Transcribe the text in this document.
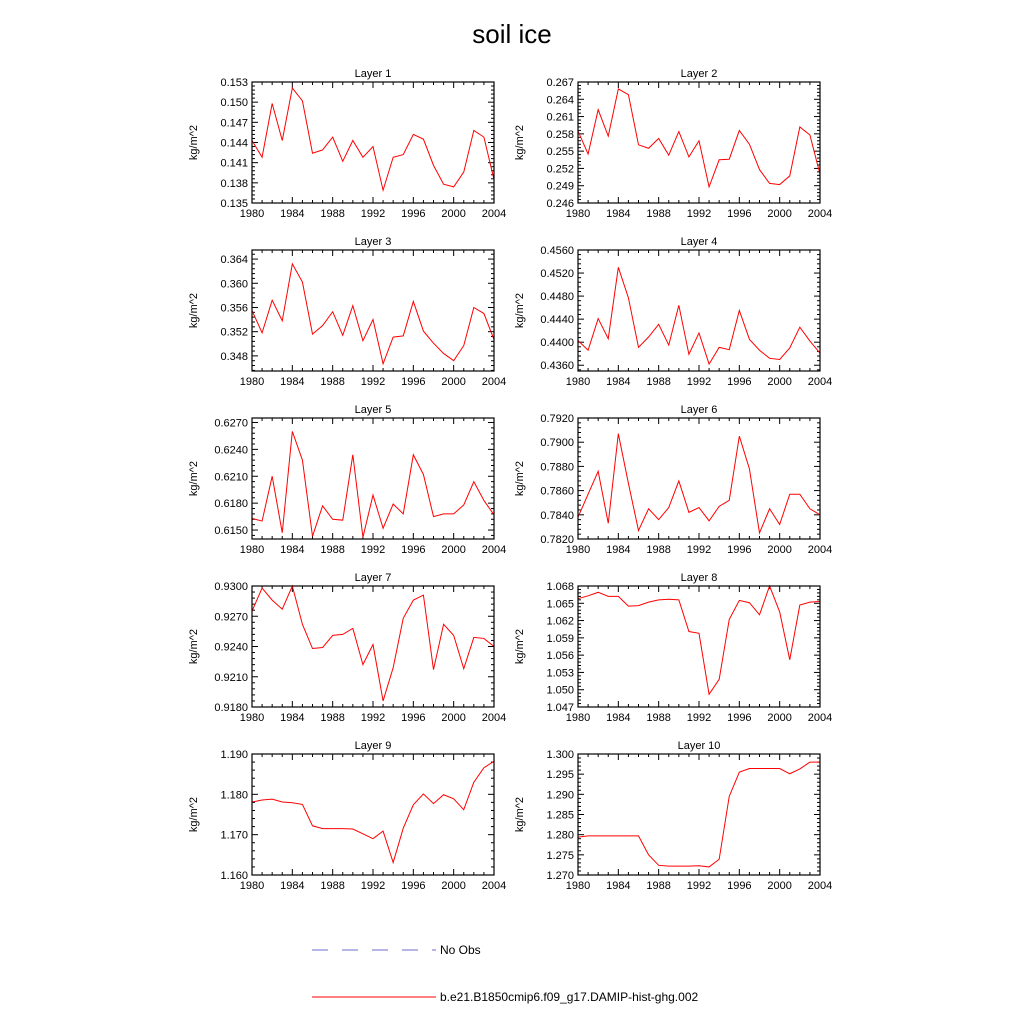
soil ice
Layer 1
kg/m^2
1980 1984 1988 1992 1996 2000 2004
0.135
0.138
0.141
0.144
0.147
0.150
0.153
Layer 2
kg/m^2
1980 1984 1988 1992 1996 2000 2004
0.246
0.249
0.252
0.255
0.258
0.261
0.264
0.267
Layer 3
kg/m^2
1980 1984 1988 1992 1996 2000 2004
0.348
0.352
0.356
0.360
0.364
Layer 4
kg/m^2
1980 1984 1988 1992 1996 2000 2004
0.4360
0.4400
0.4440
0.4480
0.4520
0.4560
Layer 5
kg/m^2
1980 1984 1988 1992 1996 2000 2004
0.6150
0.6180
0.6210
0.6240
0.6270
Layer 6
kg/m^2
1980 1984 1988 1992 1996 2000 2004
0.7820
0.7840
0.7860
0.7880
0.7900
0.7920
Layer 7
kg/m^2
1980 1984 1988 1992 1996 2000 2004
0.9180
0.9210
0.9240
0.9270
0.9300
Layer 8
kg/m^2
1980 1984 1988 1992 1996 2000 2004
1.047
1.050
1.053
1.056
1.059
1.062
1.065
1.068
Layer 9
kg/m^2
1980 1984 1988 1992 1996 2000 2004
1.160
1.170
1.180
1.190
Layer 10
kg/m^2
1980 1984 1988 1992 1996 2000 2004
1.270
1.275
1.280
1.285
1.290
1.295
1.300
No Obs
b.e21.B1850cmip6.f09_g17.DAMIP-hist-ghg.002
